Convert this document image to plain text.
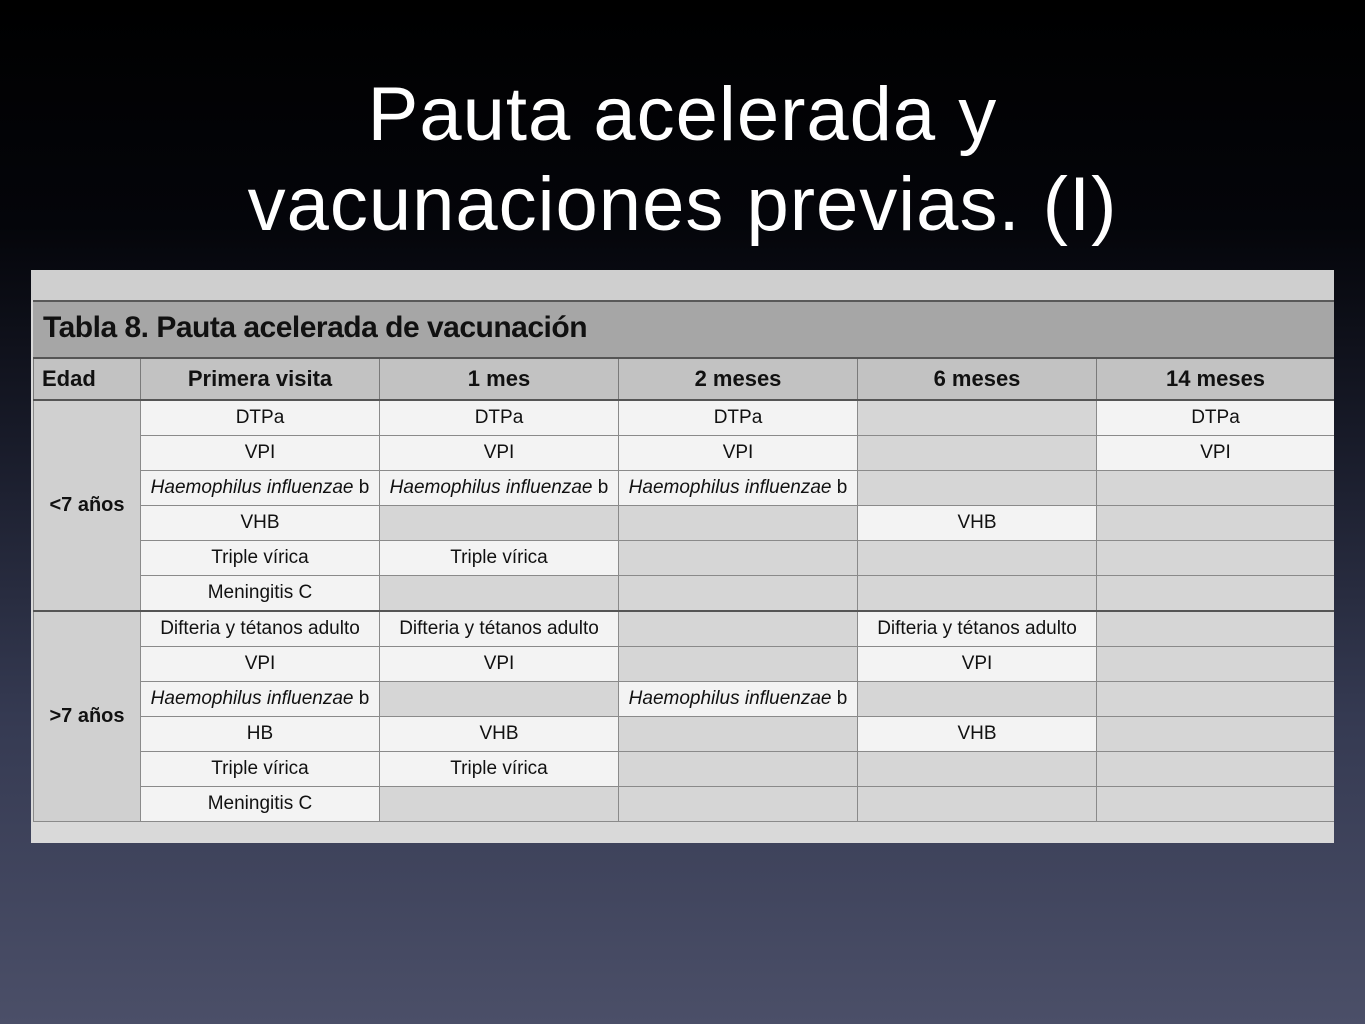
Pauta acelerada y
vacunaciones previas. (I)
Tabla 8. Pauta acelerada de vacunación
Edad	Primera visita	1 mes	2 meses	6 meses	14 meses
<7 años	DTPa	DTPa	DTPa		DTPa
	VPI	VPI	VPI		VPI
	Haemophilus influenzae b	Haemophilus influenzae b	Haemophilus influenzae b		
	VHB			VHB	
	Triple vírica	Triple vírica			
	Meningitis C				
>7 años	Difteria y tétanos adulto	Difteria y tétanos adulto		Difteria y tétanos adulto	
	VPI	VPI		VPI	
	Haemophilus influenzae b		Haemophilus influenzae b		
	HB	VHB		VHB	
	Triple vírica	Triple vírica			
	Meningitis C				
